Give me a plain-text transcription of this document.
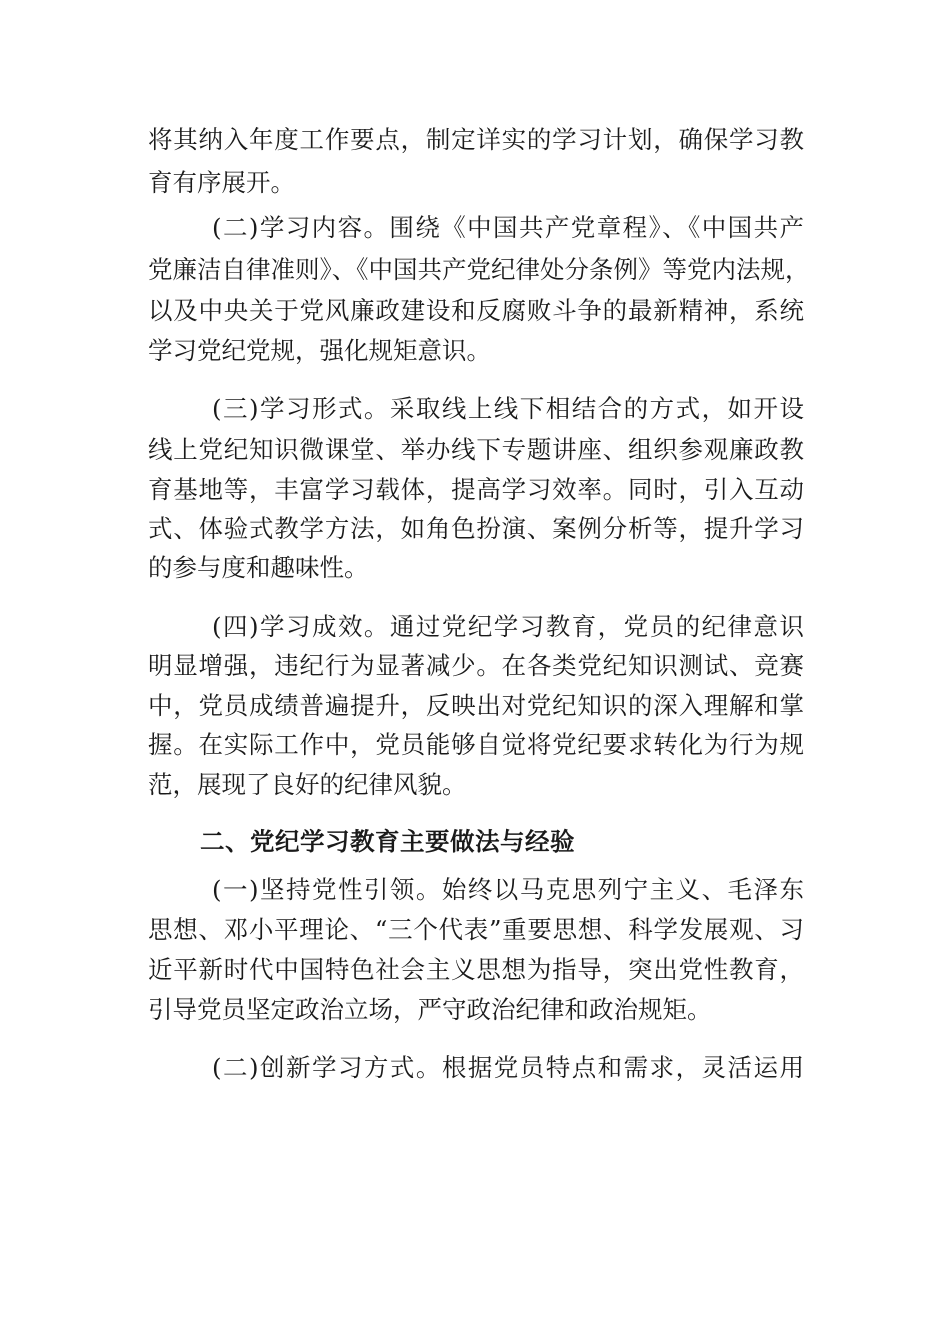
将其纳入年度工作要点，制定详实的学习计划，确保学习教
育有序展开。
(二)学习内容。围绕《中国共产党章程》、《中国共产
党廉洁自律准则》、《中国共产党纪律处分条例》等党内法规，
以及中央关于党风廉政建设和反腐败斗争的最新精神，系统
学习党纪党规，强化规矩意识。
(三)学习形式。采取线上线下相结合的方式，如开设
线上党纪知识微课堂、举办线下专题讲座、组织参观廉政教
育基地等，丰富学习载体，提高学习效率。同时，引入互动
式、体验式教学方法，如角色扮演、案例分析等，提升学习
的参与度和趣味性。
(四)学习成效。通过党纪学习教育，党员的纪律意识
明显增强，违纪行为显著减少。在各类党纪知识测试、竞赛
中，党员成绩普遍提升，反映出对党纪知识的深入理解和掌
握。在实际工作中，党员能够自觉将党纪要求转化为行为规
范，展现了良好的纪律风貌。
二、党纪学习教育主要做法与经验
(一)坚持党性引领。始终以马克思列宁主义、毛泽东
思想、邓小平理论、“三个代表”重要思想、科学发展观、习
近平新时代中国特色社会主义思想为指导，突出党性教育，
引导党员坚定政治立场，严守政治纪律和政治规矩。
(二)创新学习方式。根据党员特点和需求，灵活运用
